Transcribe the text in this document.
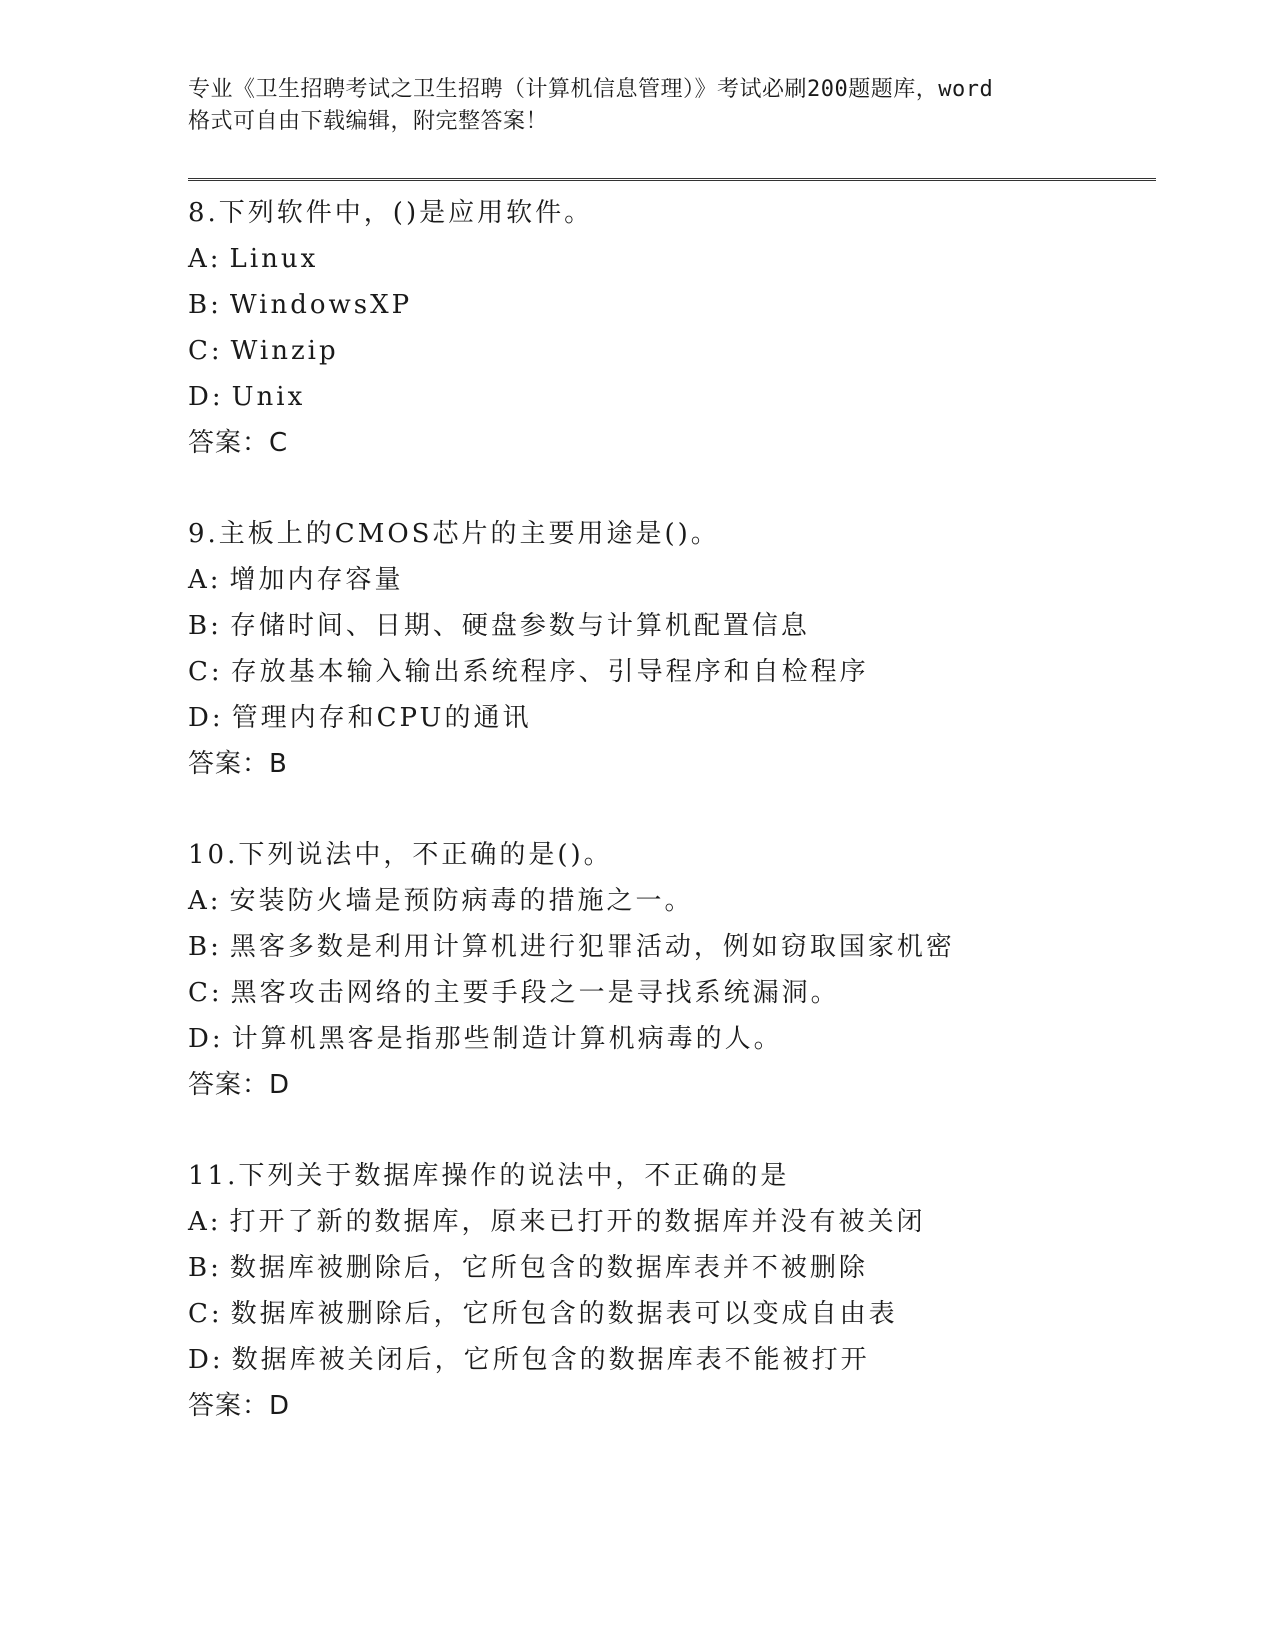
专业《卫生招聘考试之卫生招聘（计算机信息管理）》考试必刷200题题库，word
格式可自由下载编辑，附完整答案！
8.下列软件中，()是应用软件。
A: Linux
B: WindowsXP
C: Winzip
D: Unix
答案：C
9.主板上的CMOS芯片的主要用途是()。
A: 增加内存容量
B: 存储时间、日期、硬盘参数与计算机配置信息
C: 存放基本输入输出系统程序、引导程序和自检程序
D: 管理内存和CPU的通讯
答案：B
10.下列说法中，不正确的是()。
A: 安装防火墙是预防病毒的措施之一。
B: 黑客多数是利用计算机进行犯罪活动，例如窃取国家机密
C: 黑客攻击网络的主要手段之一是寻找系统漏洞。
D: 计算机黑客是指那些制造计算机病毒的人。
答案：D
11.下列关于数据库操作的说法中，不正确的是
A: 打开了新的数据库，原来已打开的数据库并没有被关闭
B: 数据库被删除后，它所包含的数据库表并不被删除
C: 数据库被删除后，它所包含的数据表可以变成自由表
D: 数据库被关闭后，它所包含的数据库表不能被打开
答案：D
